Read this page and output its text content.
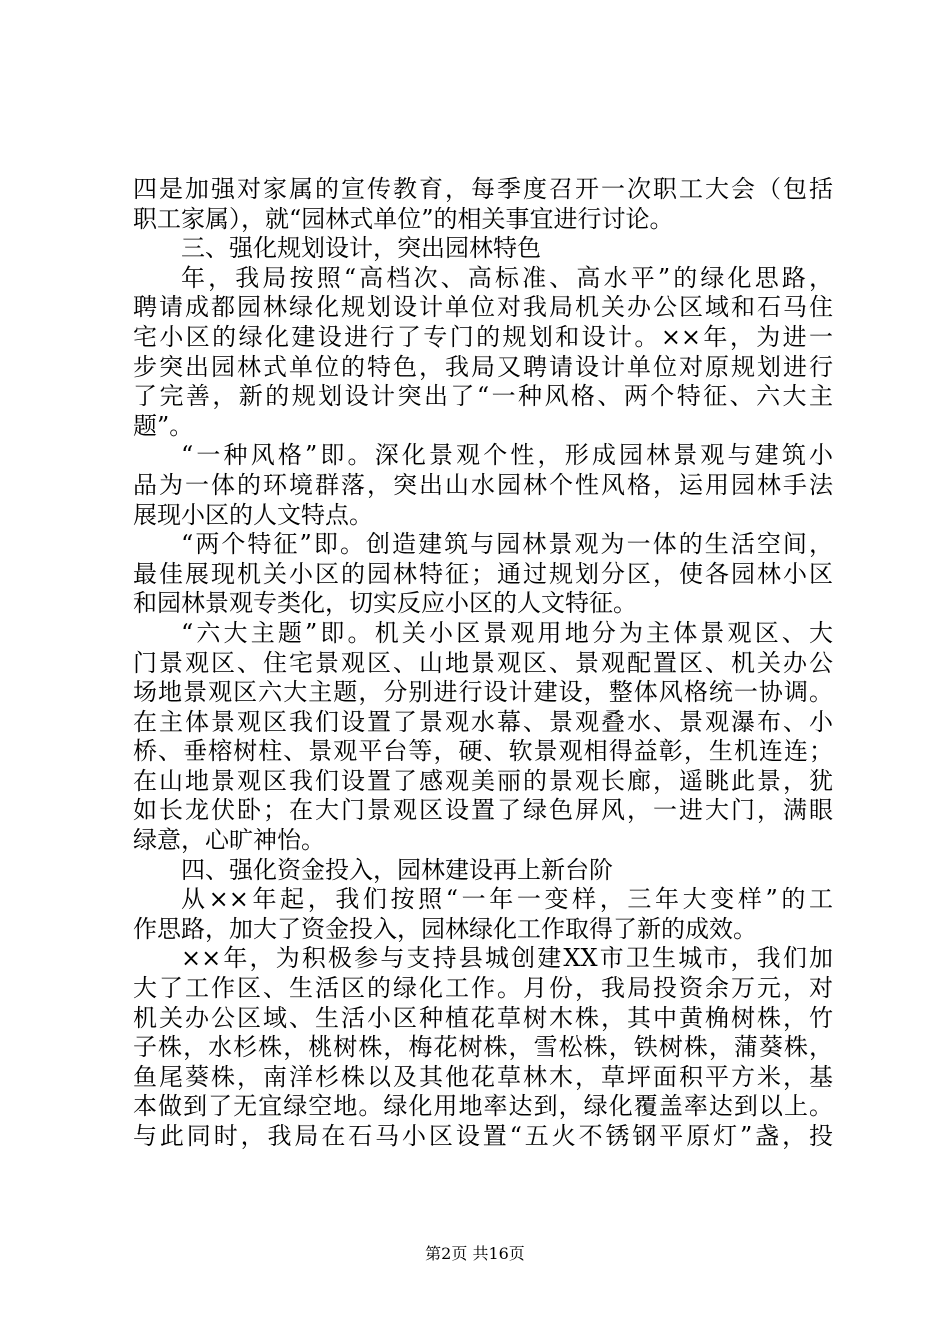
四是加强对家属的宣传教育，每季度召开一次职工大会（包括
职工家属），就“园林式单位”的相关事宜进行讨论。
三、强化规划设计，突出园林特色
年，我局按照“高档次、高标准、高水平”的绿化思路，
聘请成都园林绿化规划设计单位对我局机关办公区域和石马住
宅小区的绿化建设进行了专门的规划和设计。××年，为进一
步突出园林式单位的特色，我局又聘请设计单位对原规划进行
了完善，新的规划设计突出了“一种风格、两个特征、六大主
题”。
“一种风格”即。深化景观个性，形成园林景观与建筑小
品为一体的环境群落，突出山水园林个性风格，运用园林手法
展现小区的人文特点。
“两个特征”即。创造建筑与园林景观为一体的生活空间，
最佳展现机关小区的园林特征；通过规划分区，使各园林小区
和园林景观专类化，切实反应小区的人文特征。
“六大主题”即。机关小区景观用地分为主体景观区、大
门景观区、住宅景观区、山地景观区、景观配置区、机关办公
场地景观区六大主题，分别进行设计建设，整体风格统一协调。
在主体景观区我们设置了景观水幕、景观叠水、景观瀑布、小
桥、垂榕树柱、景观平台等，硬、软景观相得益彰，生机连连；
在山地景观区我们设置了感观美丽的景观长廊，遥眺此景，犹
如长龙伏卧；在大门景观区设置了绿色屏风，一进大门，满眼
绿意，心旷神怡。
四、强化资金投入，园林建设再上新台阶
从××年起，我们按照“一年一变样，三年大变样”的工
作思路，加大了资金投入，园林绿化工作取得了新的成效。
××年，为积极参与支持县城创建XX市卫生城市，我们加
大了工作区、生活区的绿化工作。月份，我局投资余万元，对
机关办公区域、生活小区种植花草树木株，其中黄桷树株，竹
子株，水杉株，桃树株，梅花树株，雪松株，铁树株，蒲葵株，
鱼尾葵株，南洋杉株以及其他花草林木，草坪面积平方米，基
本做到了无宜绿空地。绿化用地率达到，绿化覆盖率达到以上。
与此同时，我局在石马小区设置“五火不锈钢平原灯”盏，投
第2页 共16页
